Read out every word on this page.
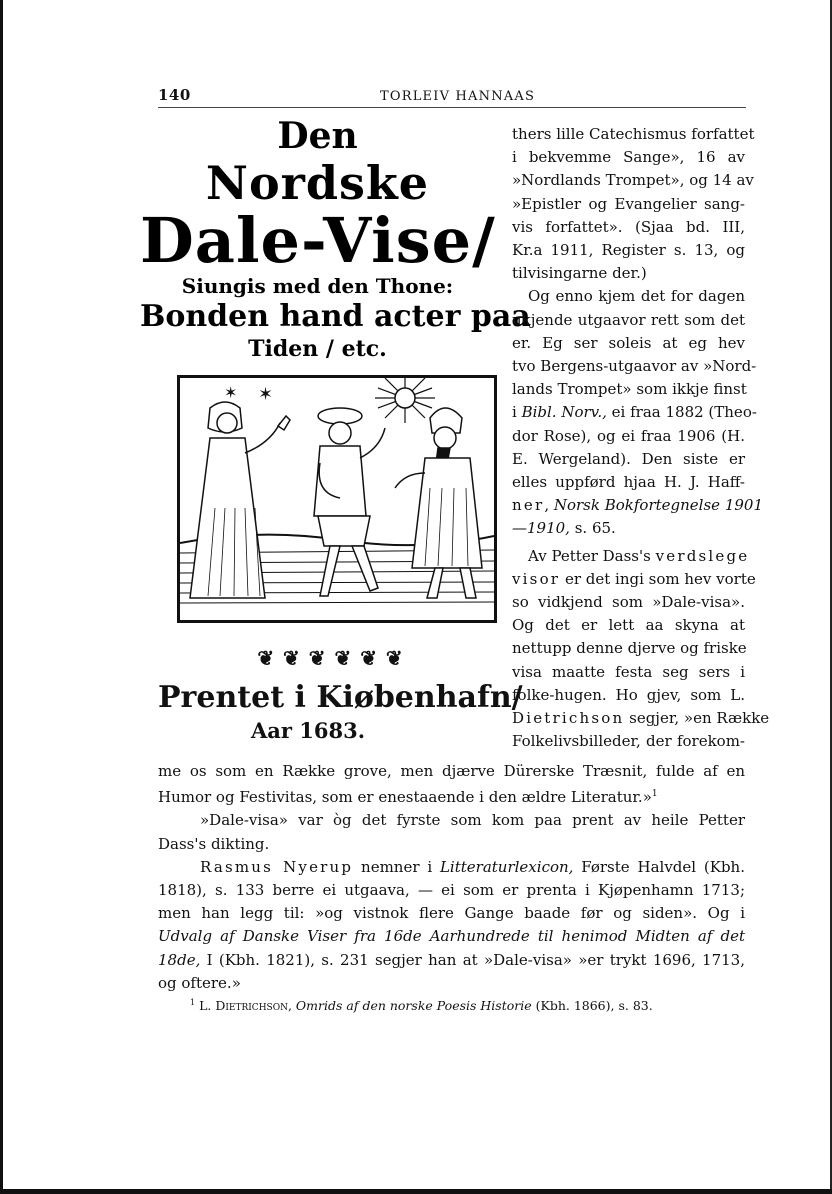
140	TORLEIV HANNAAS
Den
Nordske
Dale-Vise/
Siungis med den Thone:
Bonden hand acter paa
Tiden / etc.
✶ ✶
❦ ❦ ❦ ❦ ❦ ❦
Prentet i Kiøbenhafn/
Aar 1683.
thers lille Catechismus forfattet
i bekvemme Sange», 16 av
»Nordlands Trompet», og 14 av
»Epistler og Evangelier sang-
vis forfattet». (Sjaa bd. III,
Kr.a 1911, Register s. 13, og
tilvisingarne der.)
Og enno kjem det for dagen
ukjende utgaavor rett som det
er. Eg ser soleis at eg hev
tvo Bergens-utgaavor av »Nord-
lands Trompet» som ikkje finst
i Bibl. Norv., ei fraa 1882 (Theo-
dor Rose), og ei fraa 1906 (H.
E. Wergeland). Den siste er
elles uppførd hjaa H. J. Haff-
ner, Norsk Bokfortegnelse 1901
—1910, s. 65.
Av Petter Dass's verdslege
visor er det ingi som hev vorte
so vidkjend som »Dale-visa».
Og det er lett aa skyna at
nettupp denne djerve og friske
visa maatte festa seg sers i
folke-hugen. Ho gjev, som L.
Dietrichson segjer, »en Række
Folkelivsbilleder, der forekom-
me os som en Række grove, men djærve Dürerske Træsnit, fulde af en
Humor og Festivitas, som er enestaaende i den ældre Literatur.»$^1$
»Dale-visa» var òg det fyrste som kom paa prent av heile Petter
Dass's dikting.
Rasmus Nyerup nemner i Litteraturlexicon, Første Halvdel (Kbh.
1818), s. 133 berre ei utgaava, — ei som er prenta i Kjøpenhamn 1713;
men han legg til: »og vistnok flere Gange baade før og siden». Og i
Udvalg af Danske Viser fra 16de Aarhundrede til henimod Midten af det
18de, I (Kbh. 1821), s. 231 segjer han at »Dale-visa» »er trykt 1696, 1713,
og oftere.»
$^1$ L. Dietrichson, Omrids af den norske Poesis Historie (Kbh. 1866), s. 83.
